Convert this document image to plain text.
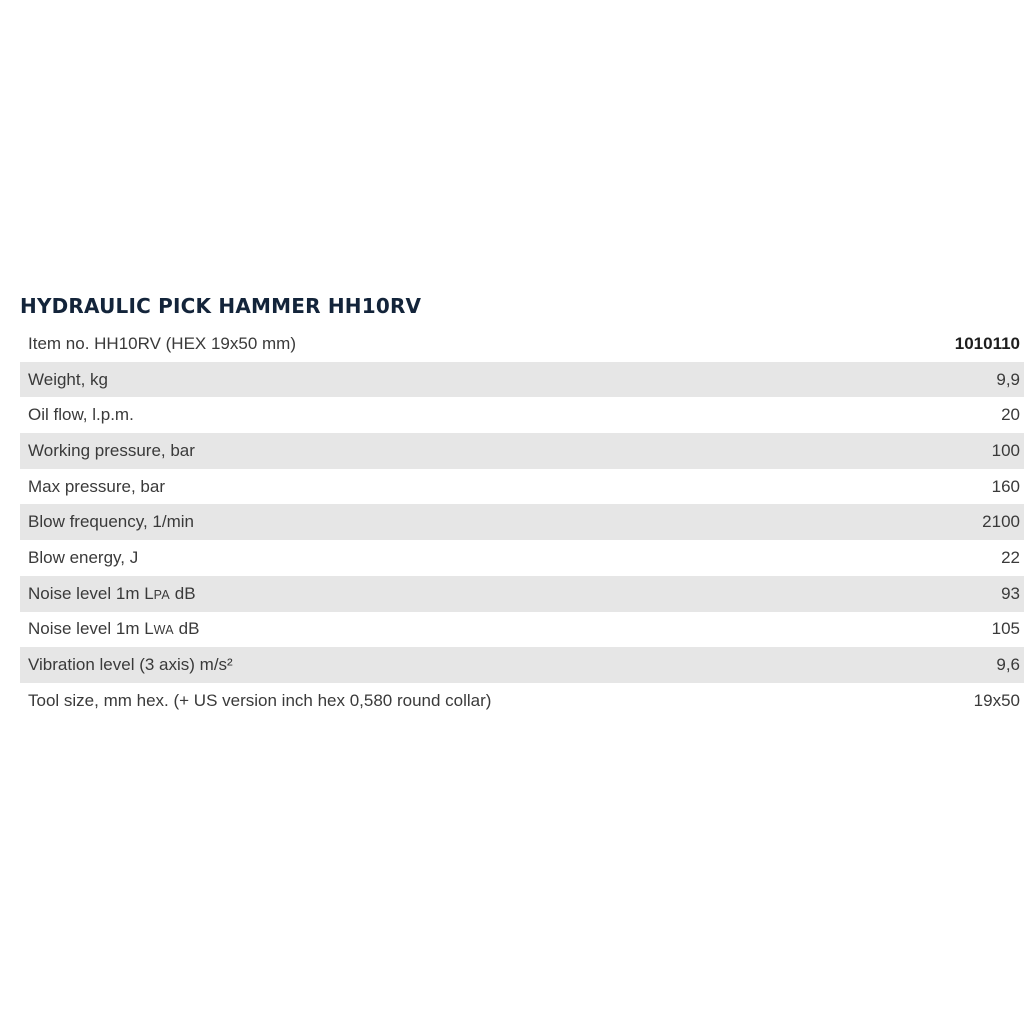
HYDRAULIC PICK HAMMER HH10RV
Item no. HH10RV (HEX 19x50 mm)	1010110
Weight, kg	9,9
Oil flow, l.p.m.	20
Working pressure, bar	100
Max pressure, bar	160
Blow frequency, 1/min	2100
Blow energy, J	22
Noise level 1m LPA dB	93
Noise level 1m LWA dB	105
Vibration level (3 axis) m/s²	9,6
Tool size, mm hex. (+ US version inch hex 0,580 round collar)	19x50
